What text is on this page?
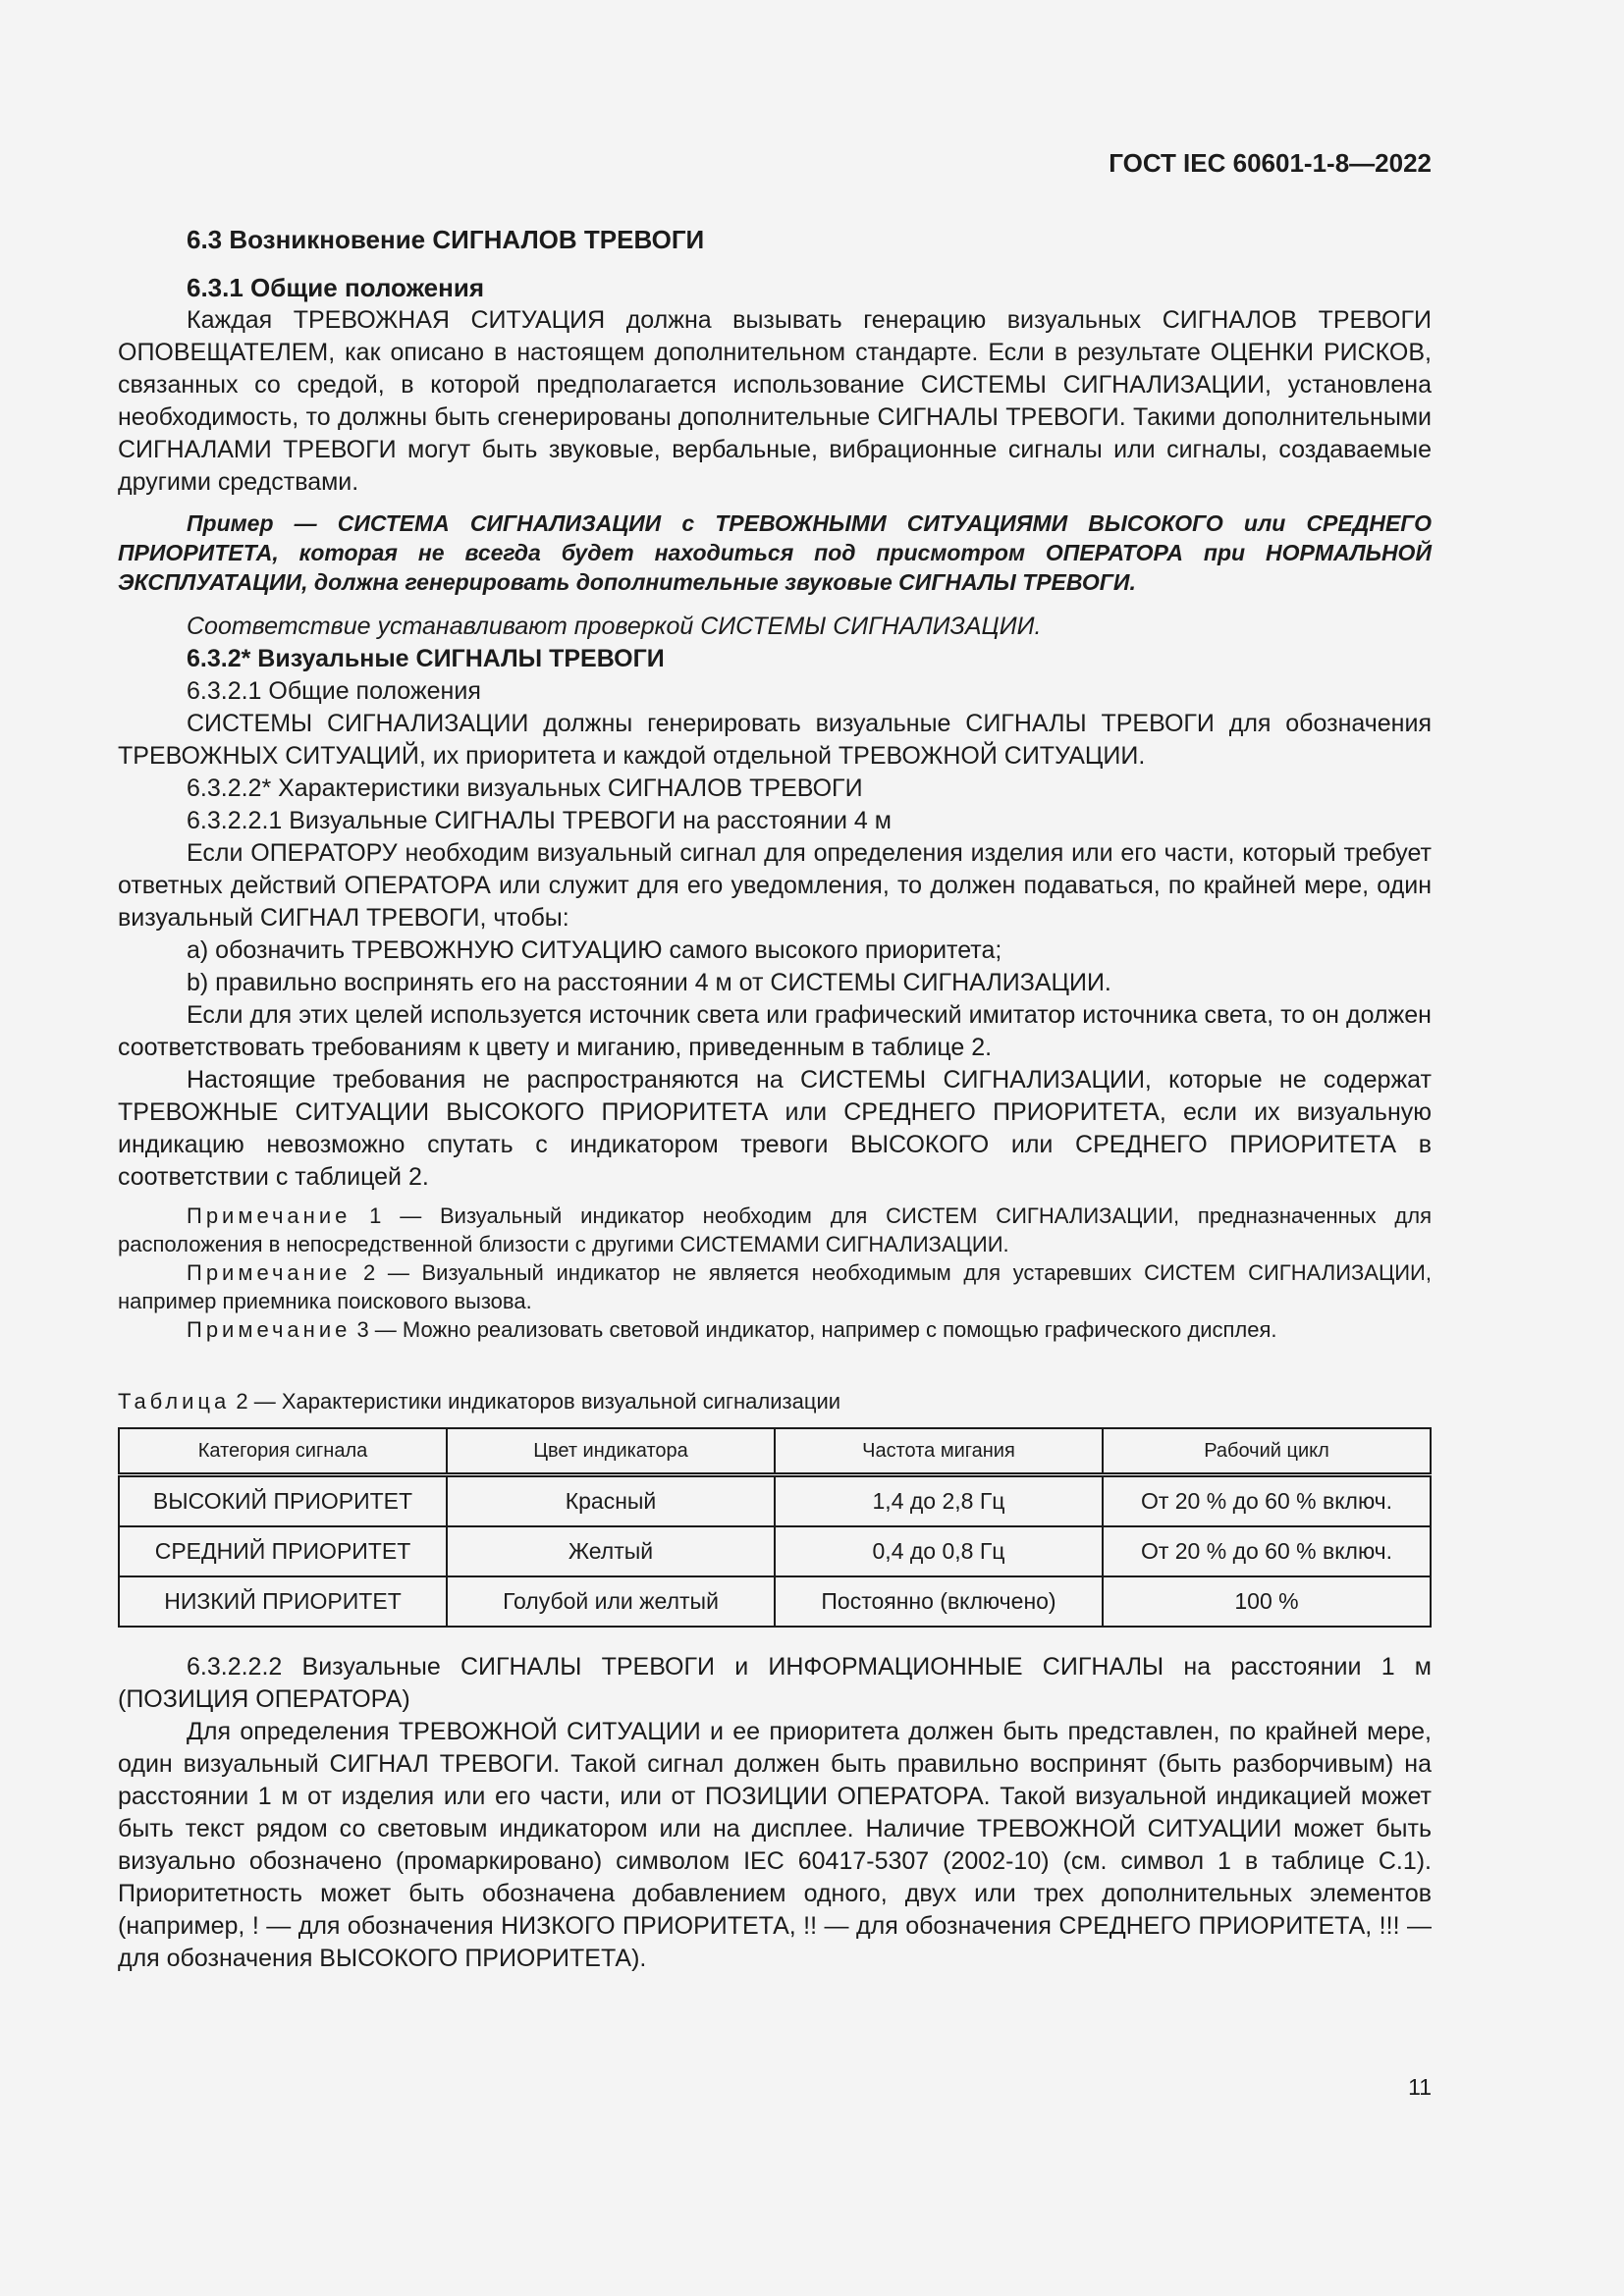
ГОСТ IEC 60601-1-8—2022

6.3 Возникновение СИГНАЛОВ ТРЕВОГИ

6.3.1 Общие положения

Каждая ТРЕВОЖНАЯ СИТУАЦИЯ должна вызывать генерацию визуальных СИГНАЛОВ ТРЕВОГИ ОПОВЕЩАТЕЛЕМ, как описано в настоящем дополнительном стандарте. Если в результате ОЦЕНКИ РИСКОВ, связанных со средой, в которой предполагается использование СИСТЕМЫ СИГНАЛИЗАЦИИ, установлена необходимость, то должны быть сгенерированы дополнительные СИГНАЛЫ ТРЕВОГИ. Такими дополнительными СИГНАЛАМИ ТРЕВОГИ могут быть звуковые, вербальные, вибрационные сигналы или сигналы, создаваемые другими средствами.

Пример — СИСТЕМА СИГНАЛИЗАЦИИ с ТРЕВОЖНЫМИ СИТУАЦИЯМИ ВЫСОКОГО или СРЕДНЕГО ПРИОРИТЕТА, которая не всегда будет находиться под присмотром ОПЕРАТОРА при НОРМАЛЬНОЙ ЭКСПЛУАТАЦИИ, должна генерировать дополнительные звуковые СИГНАЛЫ ТРЕВОГИ.

Соответствие устанавливают проверкой СИСТЕМЫ СИГНАЛИЗАЦИИ.

6.3.2* Визуальные СИГНАЛЫ ТРЕВОГИ

6.3.2.1 Общие положения

СИСТЕМЫ СИГНАЛИЗАЦИИ должны генерировать визуальные СИГНАЛЫ ТРЕВОГИ для обозначения ТРЕВОЖНЫХ СИТУАЦИЙ, их приоритета и каждой отдельной ТРЕВОЖНОЙ СИТУАЦИИ.

6.3.2.2* Характеристики визуальных СИГНАЛОВ ТРЕВОГИ

6.3.2.2.1 Визуальные СИГНАЛЫ ТРЕВОГИ на расстоянии 4 м

Если ОПЕРАТОРУ необходим визуальный сигнал для определения изделия или его части, который требует ответных действий ОПЕРАТОРА или служит для его уведомления, то должен подаваться, по крайней мере, один визуальный СИГНАЛ ТРЕВОГИ, чтобы:

а) обозначить ТРЕВОЖНУЮ СИТУАЦИЮ самого высокого приоритета;

b) правильно воспринять его на расстоянии 4 м от СИСТЕМЫ СИГНАЛИЗАЦИИ.

Если для этих целей используется источник света или графический имитатор источника света, то он должен соответствовать требованиям к цвету и миганию, приведенным в таблице 2.

Настоящие требования не распространяются на СИСТЕМЫ СИГНАЛИЗАЦИИ, которые не содержат ТРЕВОЖНЫЕ СИТУАЦИИ ВЫСОКОГО ПРИОРИТЕТА или СРЕДНЕГО ПРИОРИТЕТА, если их визуальную индикацию невозможно спутать с индикатором тревоги ВЫСОКОГО или СРЕДНЕГО ПРИОРИТЕТА в соответствии с таблицей 2.

Примечание 1 — Визуальный индикатор необходим для СИСТЕМ СИГНАЛИЗАЦИИ, предназначенных для расположения в непосредственной близости с другими СИСТЕМАМИ СИГНАЛИЗАЦИИ.

Примечание 2 — Визуальный индикатор не является необходимым для устаревших СИСТЕМ СИГНАЛИЗАЦИИ, например приемника поискового вызова.

Примечание 3 — Можно реализовать световой индикатор, например с помощью графического дисплея.

Таблица 2 — Характеристики индикаторов визуальной сигнализации

Категория сигнала	Цвет индикатора	Частота мигания	Рабочий цикл
ВЫСОКИЙ ПРИОРИТЕТ	Красный	1,4 до 2,8 Гц	От 20 % до 60 % включ.
СРЕДНИЙ ПРИОРИТЕТ	Желтый	0,4 до 0,8 Гц	От 20 % до 60 % включ.
НИЗКИЙ ПРИОРИТЕТ	Голубой или желтый	Постоянно (включено)	100 %

6.3.2.2.2 Визуальные СИГНАЛЫ ТРЕВОГИ и ИНФОРМАЦИОННЫЕ СИГНАЛЫ на расстоянии 1 м (ПОЗИЦИЯ ОПЕРАТОРА)

Для определения ТРЕВОЖНОЙ СИТУАЦИИ и ее приоритета должен быть представлен, по крайней мере, один визуальный СИГНАЛ ТРЕВОГИ. Такой сигнал должен быть правильно воспринят (быть разборчивым) на расстоянии 1 м от изделия или его части, или от ПОЗИЦИИ ОПЕРАТОРА. Такой визуальной индикацией может быть текст рядом со световым индикатором или на дисплее. Наличие ТРЕВОЖНОЙ СИТУАЦИИ может быть визуально обозначено (промаркировано) символом IEC 60417-5307 (2002-10) (см. символ 1 в таблице С.1). Приоритетность может быть обозначена добавлением одного, двух или трех дополнительных элементов (например, ! — для обозначения НИЗКОГО ПРИОРИТЕТА, !! — для обозначения СРЕДНЕГО ПРИОРИТЕТА, !!! — для обозначения ВЫСОКОГО ПРИОРИТЕТА).

11
